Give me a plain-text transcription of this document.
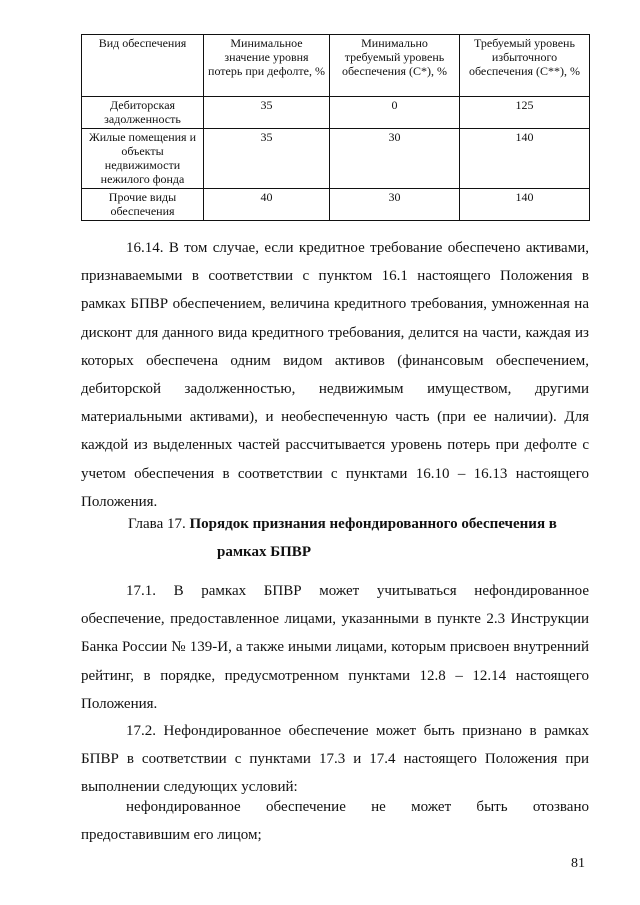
Вид обеспечения	Минимальное значение уровня потерь при дефолте, %	Минимально требуемый уровень обеспечения (С*), %	Требуемый уровень избыточного обеспечения (С**), %
Дебиторская задолженность	35	0	125
Жилые помещения и объекты недвижимости нежилого фонда	35	30	140
Прочие виды обеспечения	40	30	140

16.14. В том случае, если кредитное требование обеспечено активами, признаваемыми в соответствии с пунктом 16.1 настоящего Положения в рамках БПВР обеспечением, величина кредитного требования, умноженная на дисконт для данного вида кредитного требования, делится на части, каждая из которых обеспечена одним видом активов (финансовым обеспечением, дебиторской задолженностью, недвижимым имуществом, другими материальными активами), и необеспеченную часть (при ее наличии). Для каждой из выделенных частей рассчитывается уровень потерь при дефолте с учетом обеспечения в соответствии с пунктами 16.10 – 16.13 настоящего Положения.

Глава 17. Порядок признания нефондированного обеспечения в
рамках БПВР

17.1. В рамках БПВР может учитываться нефондированное обеспечение, предоставленное лицами, указанными в пункте 2.3 Инструкции Банка России № 139-И, а также иными лицами, которым присвоен внутренний рейтинг, в порядке, предусмотренном пунктами 12.8 – 12.14 настоящего Положения.

17.2. Нефондированное обеспечение может быть признано в рамках БПВР в соответствии с пунктами 17.3 и 17.4 настоящего Положения при выполнении следующих условий:

нефондированное обеспечение не может быть отозвано предоставившим его лицом;

81
